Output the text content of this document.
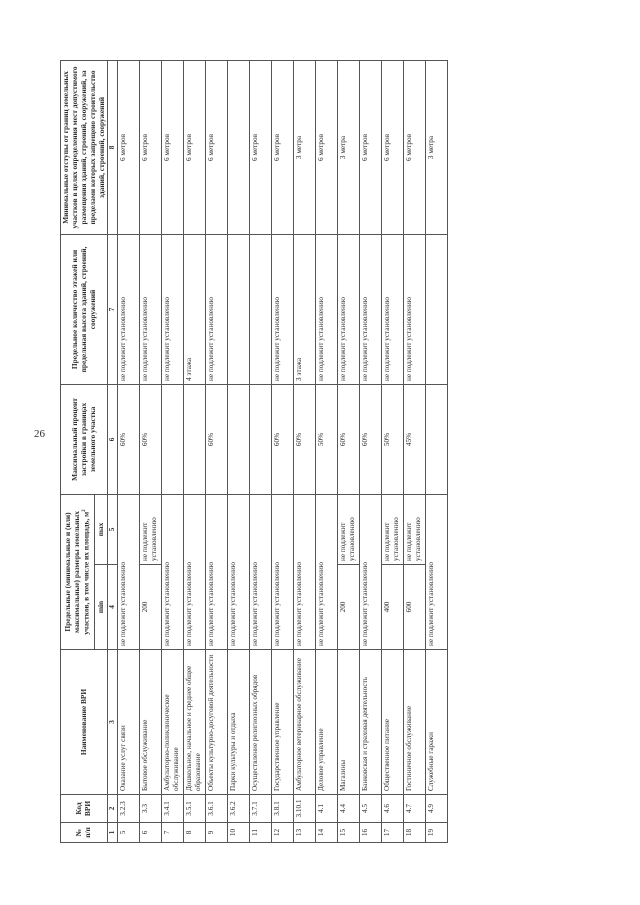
26
№ п/п	Код ВРИ	Наименование ВРИ	Предельные (минимальные и (или) максимальные) размеры земельных участков, в том числе их площадь, $м^2$		Максимальный процент застройки в границах земельного участка	Предельное количество этажей или предельная высота зданий, строений, сооружений	Минимальные отступы от границ земельных участков в целях определения мест допустимого размещения зданий, строений, сооружений, за пределами которых запрещено строительство зданий, строений, сооружений
			min	max			
1	2	3	4	5	6	7	8
5	3.2.3	Оказание услуг связи	не подлежит установлению		60%	не подлежит установлению	6 метров
6	3.3	Бытовое обслуживание	200	не подлежит установлению	60%	не подлежит установлению	6 метров
7	3.4.1	Амбулаторно-поликлиническое обслуживание	не подлежит установлению			не подлежит установлению	6 метров
8	3.5.1	Дошкольное, начальное и среднее общее образование	не подлежит установлению			4 этажа	6 метров
9	3.6.1	Объекты культурно-досуговой деятельности	не подлежит установлению		60%	не подлежит установлению	6 метров
10	3.6.2	Парки культуры и отдыха	не подлежит установлению				
11	3.7.1	Осуществление религиозных обрядов	не подлежит установлению				6 метров
12	3.8.1	Государственное управление	не подлежит установлению		60%	не подлежит установлению	6 метров
13	3.10.1	Амбулаторное ветеринарное обслуживание	не подлежит установлению		60%	3 этажа	3 метра
14	4.1	Деловое управление	не подлежит установлению		50%	не подлежит установлению	6 метров
15	4.4	Магазины	200	не подлежит установлению	60%	не подлежит установлению	3 метра
16	4.5	Банковская и страховая деятельность	не подлежит установлению		60%	не подлежит установлению	6 метров
17	4.6	Общественное питание	400	не подлежит установлению	50%	не подлежит установлению	6 метров
18	4.7	Гостиничное обслуживание	600	не подлежит установлению	45%	не подлежит установлению	6 метров
19	4.9	Служебные гаражи	не подлежит установлению				3 метра
